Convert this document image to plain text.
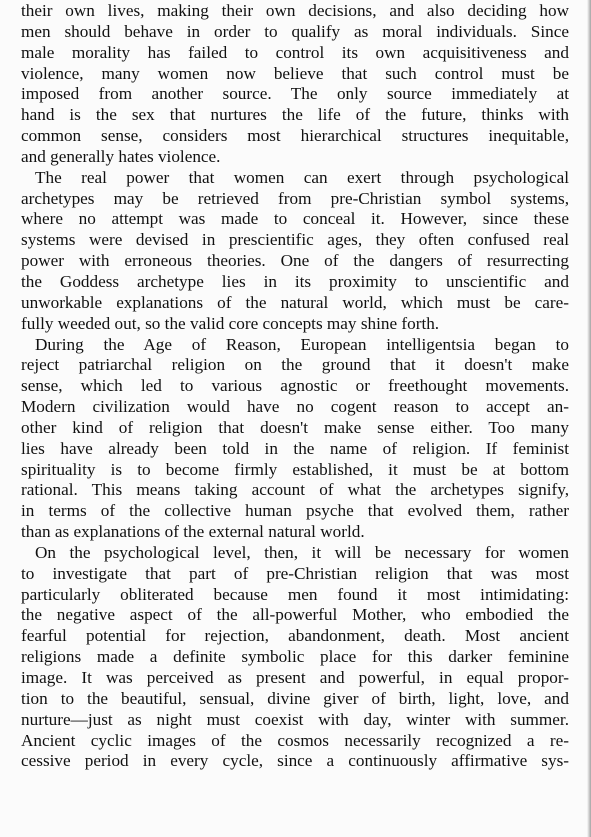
their own lives, making their own decisions, and also deciding how
men should behave in order to qualify as moral individuals. Since
male morality has failed to control its own acquisitiveness and
violence, many women now believe that such control must be
imposed from another source. The only source immediately at
hand is the sex that nurtures the life of the future, thinks with
common sense, considers most hierarchical structures inequitable,
and generally hates violence.
The real power that women can exert through psychological
archetypes may be retrieved from pre-Christian symbol systems,
where no attempt was made to conceal it. However, since these
systems were devised in prescientific ages, they often confused real
power with erroneous theories. One of the dangers of resurrecting
the Goddess archetype lies in its proximity to unscientific and
unworkable explanations of the natural world, which must be care-
fully weeded out, so the valid core concepts may shine forth.
During the Age of Reason, European intelligentsia began to
reject patriarchal religion on the ground that it doesn't make
sense, which led to various agnostic or freethought movements.
Modern civilization would have no cogent reason to accept an-
other kind of religion that doesn't make sense either. Too many
lies have already been told in the name of religion. If feminist
spirituality is to become firmly established, it must be at bottom
rational. This means taking account of what the archetypes signify,
in terms of the collective human psyche that evolved them, rather
than as explanations of the external natural world.
On the psychological level, then, it will be necessary for women
to investigate that part of pre-Christian religion that was most
particularly obliterated because men found it most intimidating:
the negative aspect of the all-powerful Mother, who embodied the
fearful potential for rejection, abandonment, death. Most ancient
religions made a definite symbolic place for this darker feminine
image. It was perceived as present and powerful, in equal propor-
tion to the beautiful, sensual, divine giver of birth, light, love, and
nurture—just as night must coexist with day, winter with summer.
Ancient cyclic images of the cosmos necessarily recognized a re-
cessive period in every cycle, since a continuously affirmative sys-
